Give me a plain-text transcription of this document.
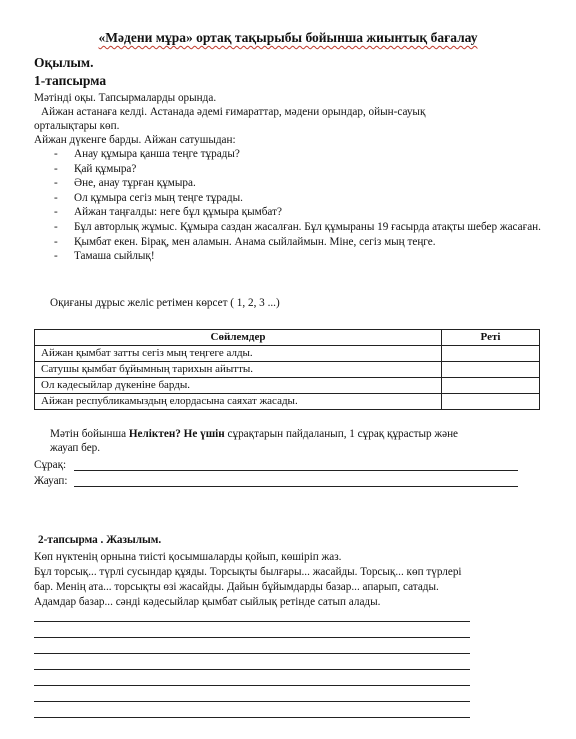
«Мәдени мұра» ортақ тақырыбы бойынша жиынтық бағалау
Оқылым.
1-тапсырма
Мәтінді оқы. Тапсырмаларды орында.
Айжан астанаға келді. Астанада әдемі ғимараттар, мәдени орындар, ойын-сауық
орталықтары көп.
Айжан дүкенге барды. Айжан сатушыдан:
- Анау құмыра қанша теңге тұрады?
- Қай құмыра?
- Әне, анау тұрған құмыра.
- Ол құмыра сегіз мың теңге тұрады.
- Айжан таңғалды: неге бұл құмыра қымбат?
- Бұл авторлық жұмыс. Құмыра саздан жасалған. Бұл құмыраны 19 ғасырда атақты шебер жасаған.
- Қымбат екен. Бірақ, мен аламын. Анама сыйлаймын. Міне, сегіз мың теңге.
- Тамаша сыйлық!
Оқиғаны дұрыс желіс ретімен көрсет ( 1, 2, 3 ...)
Сөйлемдер	Реті
Айжан қымбат затты сегіз мың теңгеге алды.	
Сатушы қымбат бұйымның тарихын айытты.	
Ол кәдесыйлар дүкеніне барды.	
Айжан республикамыздың елордасына саяхат жасады.	
Мәтін бойынша Неліктен? Не үшін сұрақтарын пайдаланып, 1 сұрақ құрастыр және
жауап бер.
Сұрақ:
Жауап:
2-тапсырма . Жазылым.
Көп нүктенің орнына тиісті қосымшаларды қойып, көшіріп жаз.
Бұл торсық... түрлі сусындар құяды. Торсықты былғары... жасайды. Торсық... көп түрлері
бар. Менің ата... торсықты өзі жасайды. Дайын бұйымдарды базар... апарып, сатады.
Адамдар базар... сәнді кәдесыйлар қымбат сыйлық ретінде сатып алады.
